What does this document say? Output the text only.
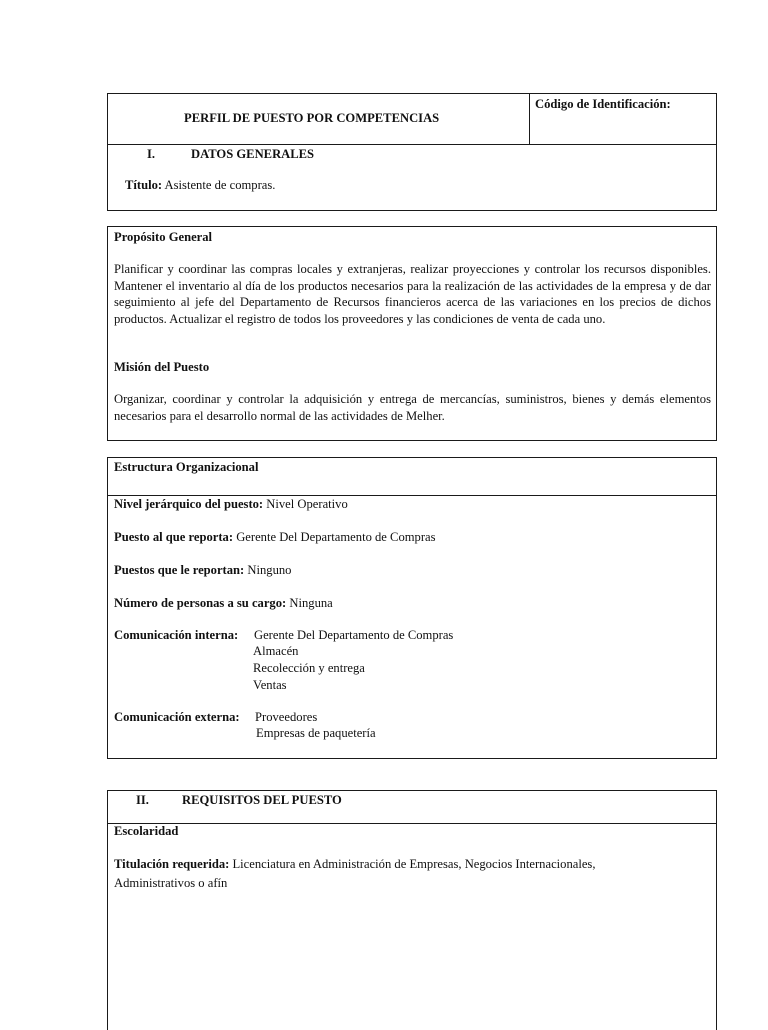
PERFIL DE PUESTO POR COMPETENCIAS
Código de Identificación:
I.	DATOS GENERALES
Título: Asistente de compras.
Propósito General
Planificar y coordinar las compras locales y extranjeras, realizar proyecciones y controlar los recursos disponibles. Mantener el inventario al día de los productos necesarios para la realización de las actividades de la empresa y de dar seguimiento al jefe del Departamento de Recursos financieros acerca de las variaciones en los precios de dichos productos. Actualizar el registro de todos los proveedores y las condiciones de venta de cada uno.
Misión del Puesto
Organizar, coordinar y controlar la adquisición y entrega de mercancías, suministros, bienes y demás elementos necesarios para el desarrollo normal de las actividades de Melher.
Estructura Organizacional
Nivel jerárquico del puesto: Nivel Operativo
Puesto al que reporta: Gerente Del Departamento de Compras
Puestos que le reportan: Ninguno
Número de personas a su cargo: Ninguna
Comunicación interna: Gerente Del Departamento de Compras
Almacén
Recolección y entrega
Ventas
Comunicación externa: Proveedores
Empresas de paquetería
II.	REQUISITOS DEL PUESTO
Escolaridad
Titulación requerida: Licenciatura en Administración de Empresas, Negocios Internacionales,
Administrativos o afín
